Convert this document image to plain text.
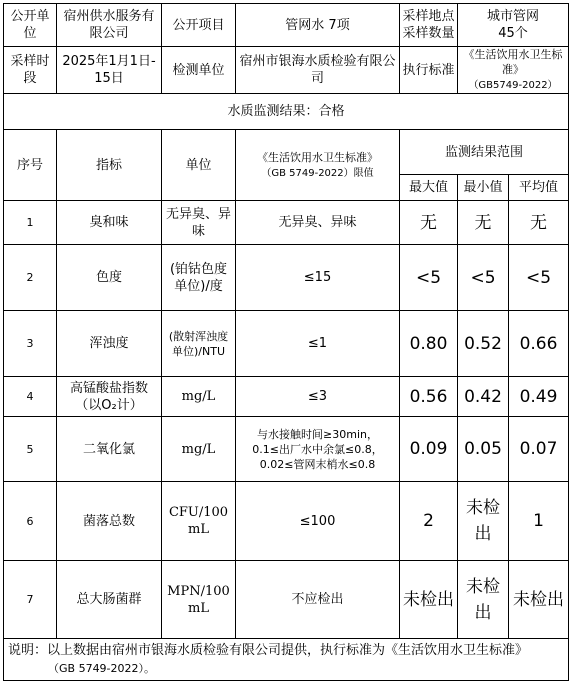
公开单位	宿州供水服务有限公司	公开项目	管网水 7项	采样地点采样数量	城市管网
45个	
采样时段	2025年1月1日-15日	检测单位	宿州市银海水质检验有限公司	执行标准	《生活饮用水卫生标准》
（GB5749-2022）	
水质监测结果：合格						
序号	指标	单位	《生活饮用水卫生标准》
（GB 5749-2022）限值	监测结果范围		
				最大值	最小值	平均值
1	臭和味	无异臭、异味	无异臭、异味	无	无	无
2	色度	(铂钴色度单位)/度	≤15	<5	<5	<5
3	浑浊度	(散射浑浊度单位)/NTU	≤1	0.80	0.52	0.66
4	高锰酸盐指数（以O₂计）	mg/L	≤3	0.56	0.42	0.49
5	二氧化氯	mg/L	与水接触时间≥30min，
0.1≤出厂水中余氯≤0.8，
0.02≤管网末梢水≤0.8	0.09	0.05	0.07
6	菌落总数	CFU/100mL	≤100	2	未检出	1
7	总大肠菌群	MPN/100mL	不应检出	未检出	未检出	未检出
说明：以上数据由宿州市银海水质检验有限公司提供，执行标准为《生活饮用水卫生标准》
（GB 5749-2022）。						
